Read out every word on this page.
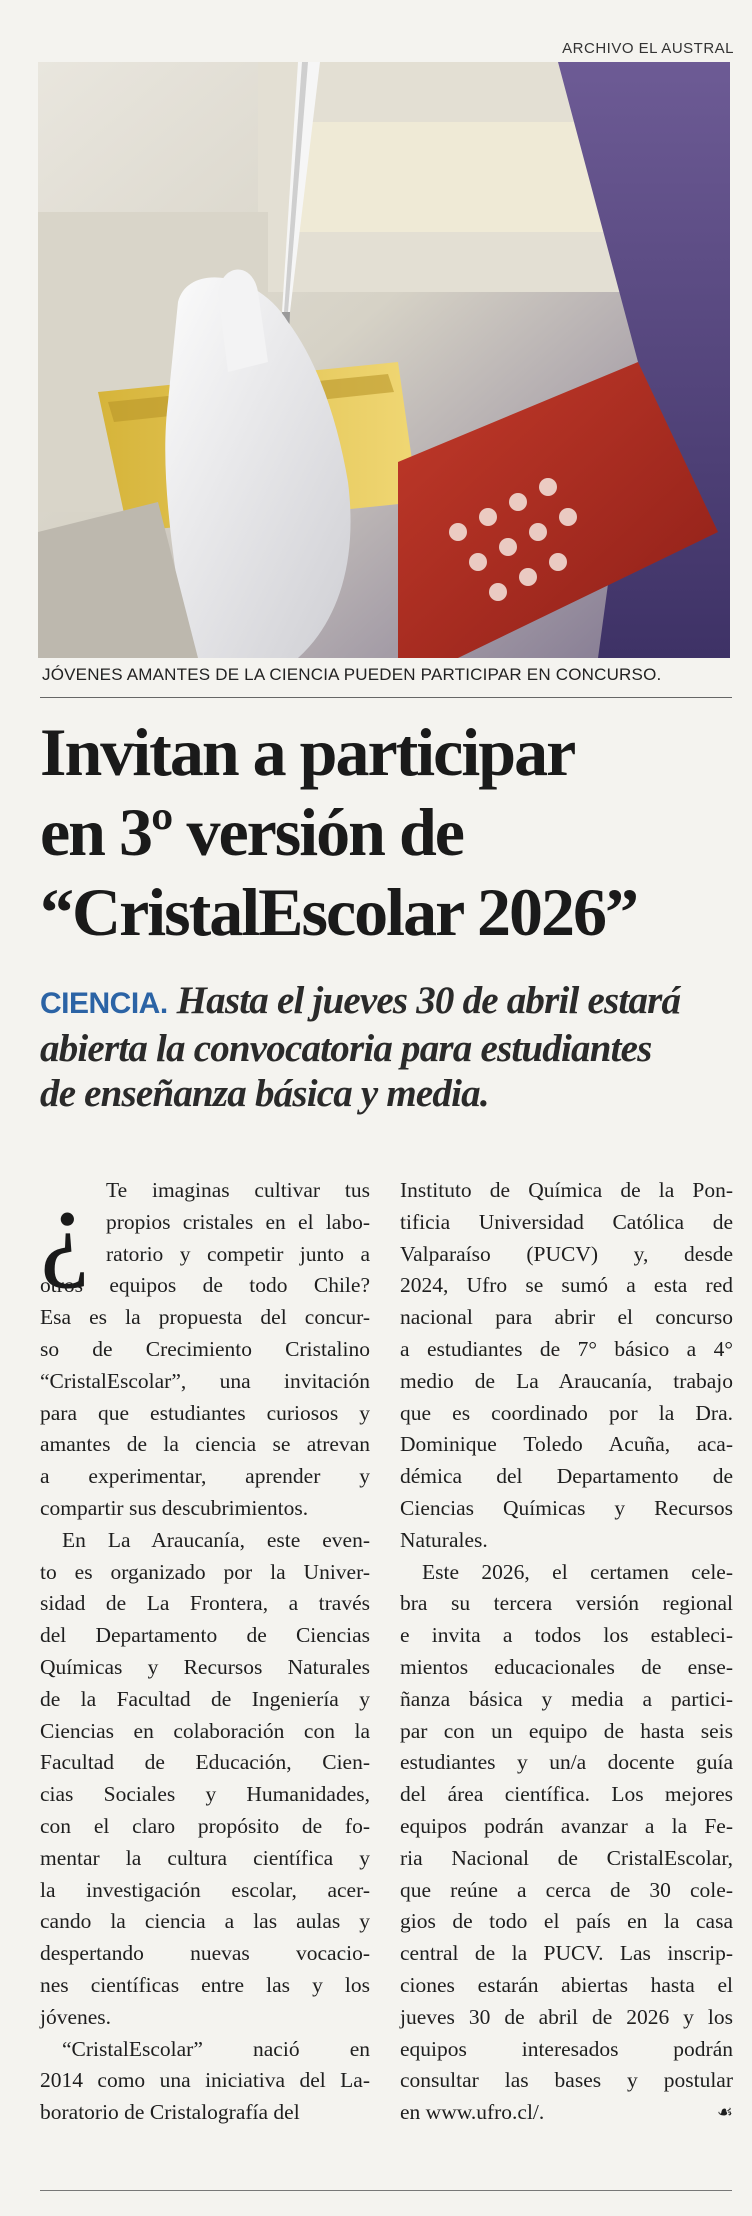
ARCHIVO EL AUSTRAL
JÓVENES AMANTES DE LA CIENCIA PUEDEN PARTICIPAR EN CONCURSO.
Invitan a participar
en 3º versión de
“CristalEscolar 2026”
CIENCIA. Hasta el jueves 30 de abril estará
abierta la convocatoria para estudiantes
de enseñanza básica y media.
¿ Te imaginas cultivar tus
propios cristales en el labo-
ratorio y competir junto a
otros equipos de todo Chile?
Esa es la propuesta del concur-
so de Crecimiento Cristalino
“CristalEscolar”, una invitación
para que estudiantes curiosos y
amantes de la ciencia se atrevan
a experimentar, aprender y
compartir sus descubrimientos.
En La Araucanía, este even-
to es organizado por la Univer-
sidad de La Frontera, a través
del Departamento de Ciencias
Químicas y Recursos Naturales
de la Facultad de Ingeniería y
Ciencias en colaboración con la
Facultad de Educación, Cien-
cias Sociales y Humanidades,
con el claro propósito de fo-
mentar la cultura científica y
la investigación escolar, acer-
cando la ciencia a las aulas y
despertando nuevas vocacio-
nes científicas entre las y los
jóvenes.
“CristalEscolar” nació en
2014 como una iniciativa del La-
boratorio de Cristalografía del
Instituto de Química de la Pon-
tificia Universidad Católica de
Valparaíso (PUCV) y, desde
2024, Ufro se sumó a esta red
nacional para abrir el concurso
a estudiantes de 7° básico a 4°
medio de La Araucanía, trabajo
que es coordinado por la Dra.
Dominique Toledo Acuña, aca-
démica del Departamento de
Ciencias Químicas y Recursos
Naturales.
Este 2026, el certamen cele-
bra su tercera versión regional
e invita a todos los estableci-
mientos educacionales de ense-
ñanza básica y media a partici-
par con un equipo de hasta seis
estudiantes y un/a docente guía
del área científica. Los mejores
equipos podrán avanzar a la Fe-
ria Nacional de CristalEscolar,
que reúne a cerca de 30 cole-
gios de todo el país en la casa
central de la PUCV. Las inscrip-
ciones estarán abiertas hasta el
jueves 30 de abril de 2026 y los
equipos interesados podrán
consultar las bases y postular
en www.ufro.cl/.	☙
